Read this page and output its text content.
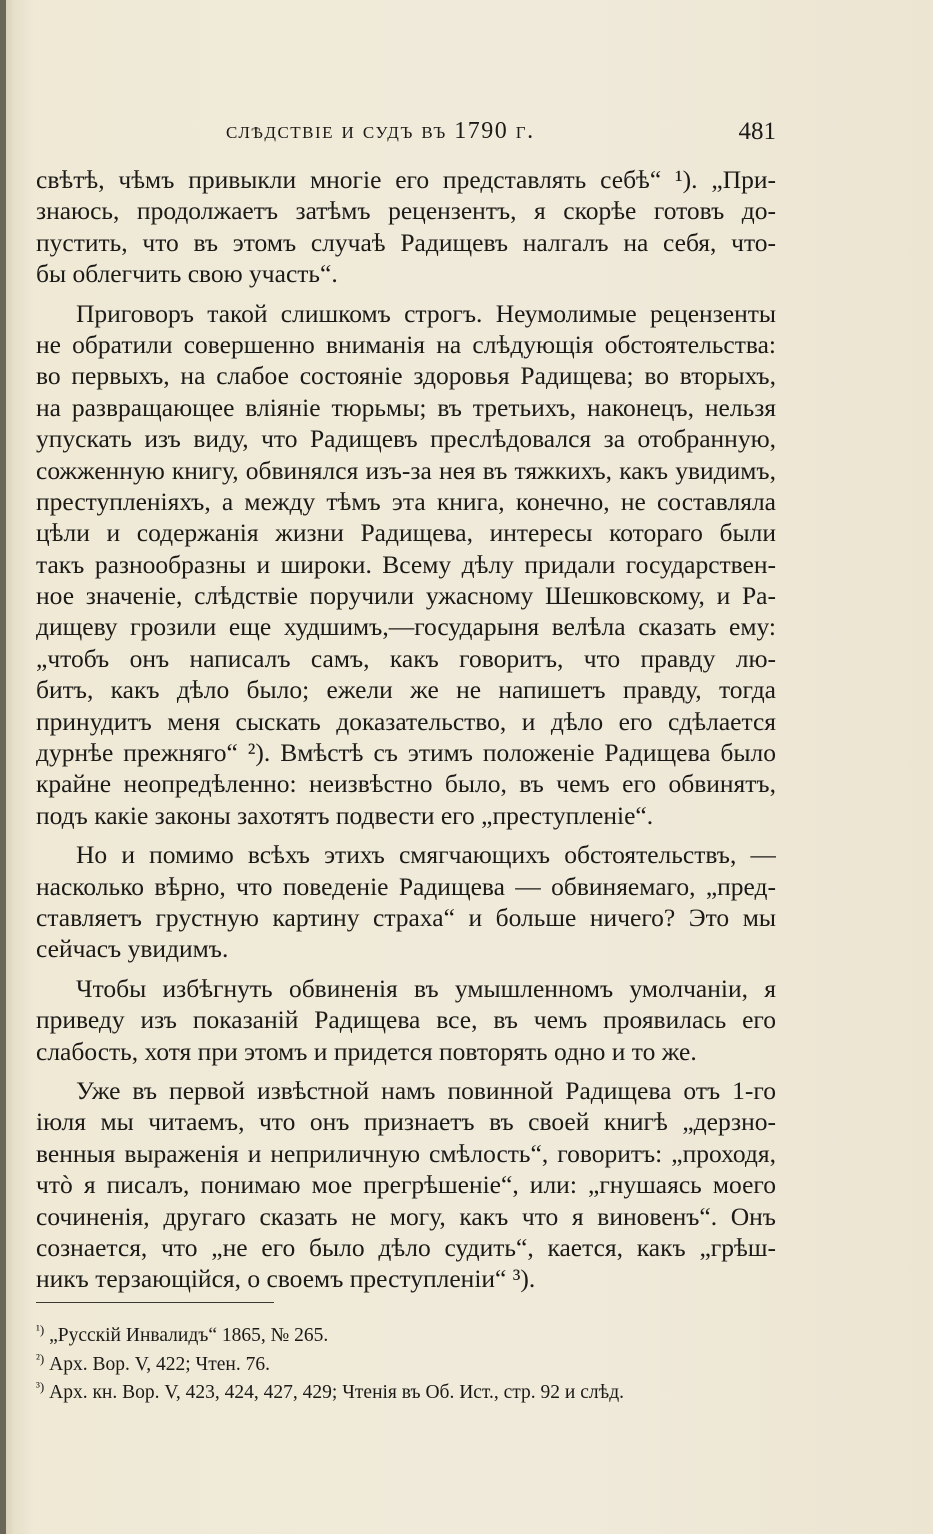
слѣдствіе и судъ въ 1790 г.	481
свѣтѣ, чѣмъ привыкли многіе его представлять себѣ“ ¹). „При-
знаюсь, продолжаетъ затѣмъ рецензентъ, я скорѣе готовъ до-
пустить, что въ этомъ случаѣ Радищевъ налгалъ на себя, что-
бы облегчить свою участь“.
Приговоръ такой слишкомъ строгъ. Неумолимые рецензенты
не обратили совершенно вниманія на слѣдующія обстоятельства:
во первыхъ, на слабое состояніе здоровья Радищева; во вторыхъ,
на развращающее вліяніе тюрьмы; въ третьихъ, наконецъ, нельзя
упускать изъ виду, что Радищевъ преслѣдовался за отобранную,
сожженную книгу, обвинялся изъ-за нея въ тяжкихъ, какъ увидимъ,
преступленіяхъ, а между тѣмъ эта книга, конечно, не составляла
цѣли и содержанія жизни Радищева, интересы котораго были
такъ разнообразны и широки. Всему дѣлу придали государствен-
ное значеніе, слѣдствіе поручили ужасному Шешковскому, и Ра-
дищеву грозили еще худшимъ,—государыня велѣла сказать ему:
„чтобъ онъ написалъ самъ, какъ говоритъ, что правду лю-
битъ, какъ дѣло было; ежели же не напишетъ правду, тогда
принудитъ меня сыскать доказательство, и дѣло его сдѣлается
дурнѣе прежняго“ ²). Вмѣстѣ съ этимъ положеніе Радищева было
крайне неопредѣленно: неизвѣстно было, въ чемъ его обвинятъ,
подъ какіе законы захотятъ подвести его „преступленіе“.
Но и помимо всѣхъ этихъ смягчающихъ обстоятельствъ, —
насколько вѣрно, что поведеніе Радищева — обвиняемаго, „пред-
ставляетъ грустную картину страха“ и больше ничего? Это мы
сейчасъ увидимъ.
Чтобы избѣгнуть обвиненія въ умышленномъ умолчаніи, я
приведу изъ показаній Радищева все, въ чемъ проявилась его
слабость, хотя при этомъ и придется повторять одно и то же.
Уже въ первой извѣстной намъ повинной Радищева отъ 1-го
іюля мы читаемъ, что онъ признаетъ въ своей книгѣ „дерзно-
венныя выраженія и неприличную смѣлость“, говоритъ: „проходя,
чтò я писалъ, понимаю мое прегрѣшеніе“, или: „гнушаясь моего
сочиненія, другаго сказать не могу, какъ что я виновенъ“. Онъ
сознается, что „не его было дѣло судить“, кается, какъ „грѣш-
никъ терзающійся, о своемъ преступленіи“ ³).
$^{^1)}$ „Русскій Инвалидъ“ 1865, № 265.
$^{^2)}$ Арх. Вор. V, 422; Чтен. 76.
$^{^3)}$ Арх. кн. Вор. V, 423, 424, 427, 429; Чтенія въ Об. Ист., стр. 92 и слѣд.
